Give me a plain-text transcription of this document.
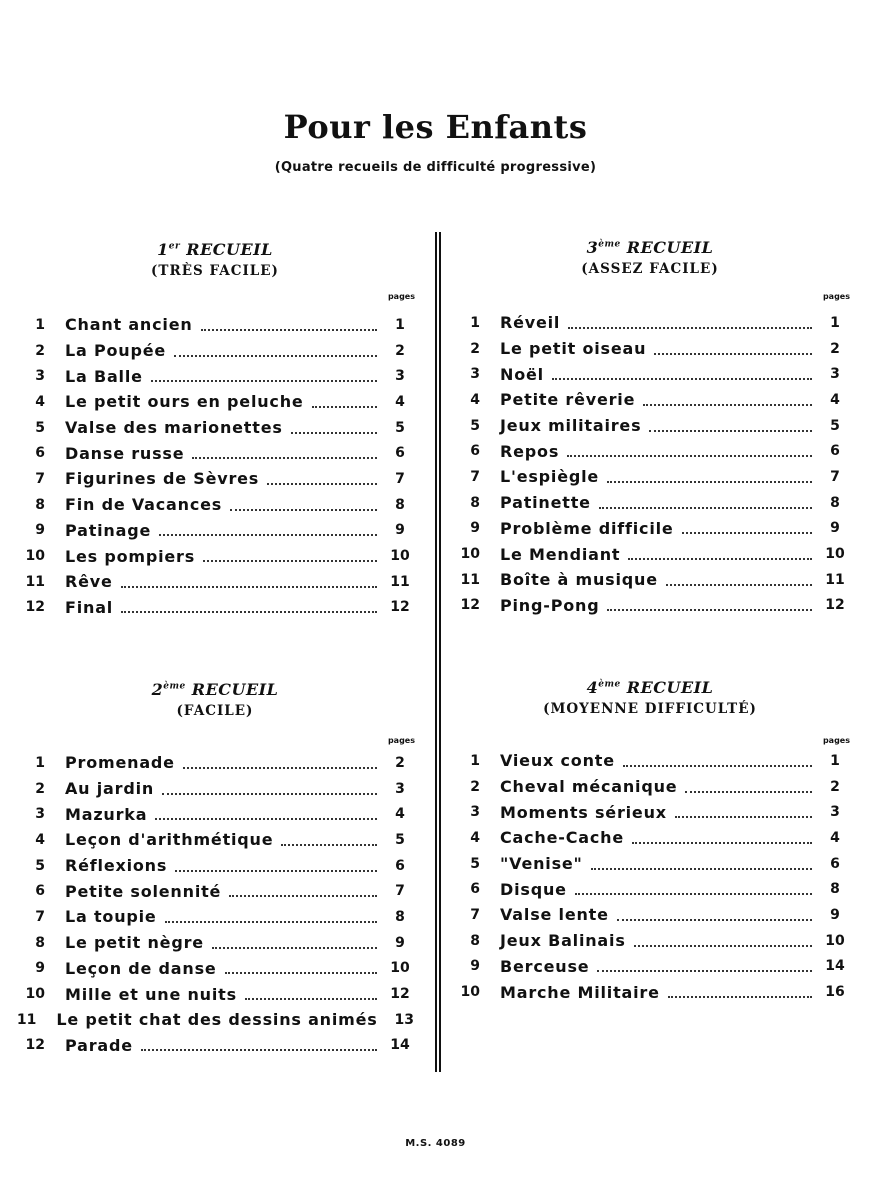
Pour les Enfants
(Quatre recueils de difficulté progressive)
1er RECUEIL
(TRÈS FACILE)
pages
1 Chant ancien	1
2 La Poupée	2
3 La Balle	3
4 Le petit ours en peluche	4
5 Valse des marionettes	5
6 Danse russe	6
7 Figurines de Sèvres	7
8 Fin de Vacances	8
9 Patinage	9
10 Les pompiers	10
11 Rêve	11
12 Final	12
2ème RECUEIL
(FACILE)
pages
1 Promenade	2
2 Au jardin	3
3 Mazurka	4
4 Leçon d'arithmétique	5
5 Réflexions	6
6 Petite solennité	7
7 La toupie	8
8 Le petit nègre	9
9 Leçon de danse	10
10 Mille et une nuits	12
11 Le petit chat des dessins animés 13
12 Parade	14
3ème RECUEIL
(ASSEZ FACILE)
pages
1 Réveil	1
2 Le petit oiseau	2
3 Noël	3
4 Petite rêverie	4
5 Jeux militaires	5
6 Repos	6
7 L'espiègle	7
8 Patinette	8
9 Problème difficile	9
10 Le Mendiant	10
11 Boîte à musique	11
12 Ping-Pong	12
4ème RECUEIL
(MOYENNE DIFFICULTÉ)
pages
1 Vieux conte	1
2 Cheval mécanique	2
3 Moments sérieux	3
4 Cache-Cache	4
5 "Venise"	6
6 Disque	8
7 Valse lente	9
8 Jeux Balinais	10
9 Berceuse	14
10 Marche Militaire	16
M.S. 4089
